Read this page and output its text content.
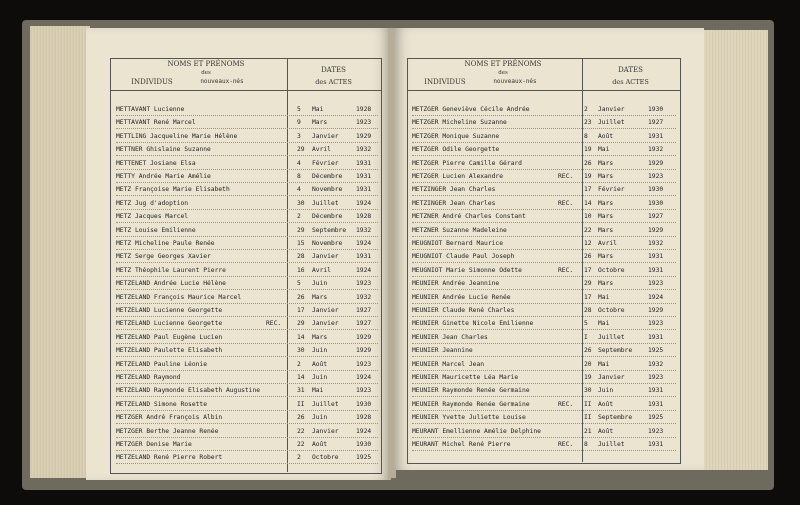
NOMS ET PRÉNOMS
des
INDIVIDUS	nouveaux-nés
DATES
des ACTES
METTAVANT Lucienne	5 Mai	1928
METTAVANT René Marcel	9 Mars	1923
METTLING Jacqueline Marie Hélène	3 Janvier	1929
METTNER Ghislaine Suzanne	29 Avril	1932
METTENET Josiane Elsa	4 Février	1931
METTY Andrée Marie Amélie	8 Décembre 1931
METZ Françoise Marie Elisabeth	4 Novembre 1931
METZ Jug d'adoption	30 Juillet	1924
METZ Jacques Marcel	2 Décembre 1928
METZ Louise Emilienne	29 Septembre 1932
METZ Micheline Paule Renée	15 Novembre 1924
METZ Serge Georges Xavier	28 Janvier	1931
METZ Théophile Laurent Pierre	16 Avril	1924
METZELAND Andrée Lucie Hélène	5 Juin	1923
METZELAND François Maurice Marcel	26 Mars	1932
METZELAND Lucienne Georgette	17 Janvier	1927
METZELAND Lucienne Georgette	REC.	29 Janvier	1927
METZELAND Paul Eugène Lucien	14 Mars	1929
METZELAND Paulette Elisabeth	30 Juin	1929
METZELAND Pauline Léonie	2 Août	1923
METZELAND Raymond	14 Juin	1924
METZELAND Raymonde Elisabeth Augustine	31 Mai	1923
METZELAND Simone Rosette	II Juillet	1930
METZGER André François Albin	26 Juin	1928
METZGER Berthe Jeanne Renée	22 Janvier	1924
METZGER Denise Marie	22 Août	1930
METZELAND René Pierre Robert	2 Octobre	1925
NOMS ET PRÉNOMS
des
INDIVIDUS	nouveaux-nés
DATES
des ACTES
METZGER Geneviève Cécile Andrée	2 Janvier	1930
METZGER Micheline Suzanne	23 Juillet	1927
METZGER Monique Suzanne	8 Août	1931
METZGER Odile Georgette	19 Mai	1932
METZGER Pierre Camille Gérard	26 Mars	1929
METZGER Lucien Alexandre	REC. 19 Mars	1923
METZINGER Jean Charles	17 Février	1930
METZINGER Jean Charles	REC. 14 Mars	1930
METZNER André Charles Constant	10 Mars	1927
METZNER Suzanne Madeleine	22 Mars	1929
MEUGNIOT Bernard Maurice	12 Avril	1932
MEUGNIOT Claude Paul Joseph	26 Mars	1931
MEUGNIOT Marie Simonne Odette	REC. 17 Octobre	1931
MEUNIER Andrée Jeannine	29 Mars	1923
MEUNIER Andrée Lucie Renée	17 Mai	1924
MEUNIER Claude René Charles	28 Octobre	1929
MEUNIER Ginette Nicole Emilienne	5 Mai	1923
MEUNIER Jean Charles	I Juillet	1931
MEUNIER Jeannine	26 Septembre	1925
MEUNIER Marcel Jean	20 Mai	1932
MEUNIER Mauricette Léa Marie	19 Janvier	1923
MEUNIER Raymonde Renée Germaine	30 Juin	1931
MEUNIER Raymonde Renée Germaine	REC. II Août	1931
MEUNIER Yvette Juliette Louise	II Septembre	1925
MEURANT Emellienne Amélie Delphine	21 Août	1923
MEURANT Michel René Pierre	REC. 8 Juillet	1931
